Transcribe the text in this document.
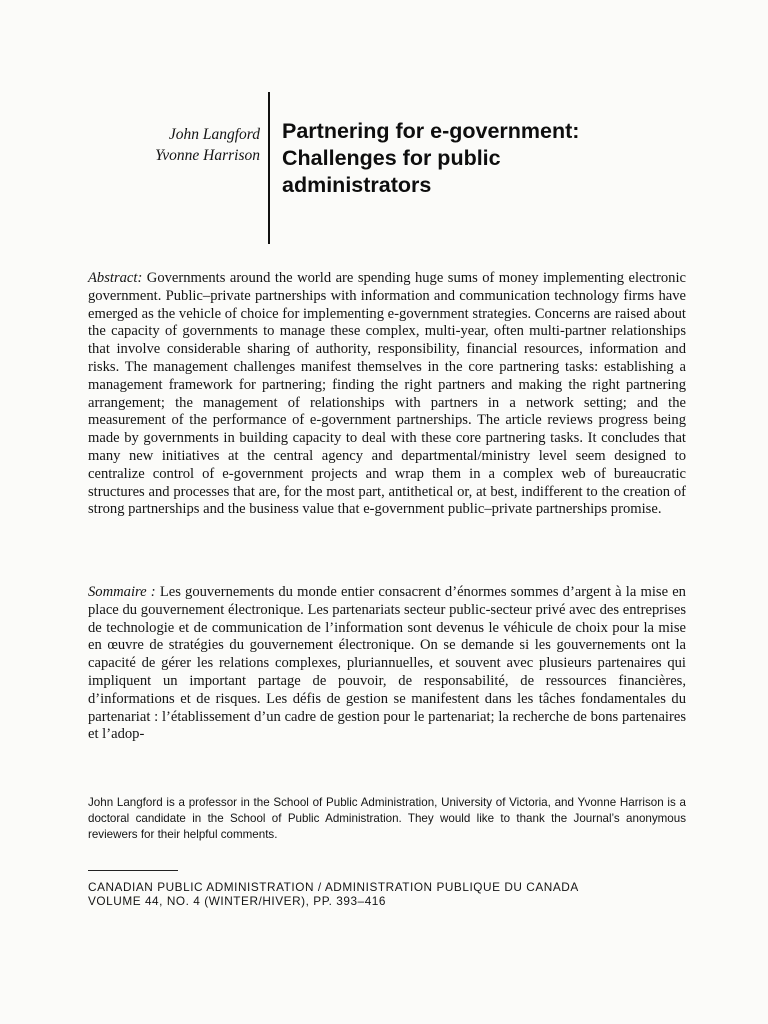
John Langford
Yvonne Harrison
Partnering for e-government:
Challenges for public
administrators

Abstract: Governments around the world are spending huge sums of money implementing electronic government. Public–private partnerships with information and communication technology firms have emerged as the vehicle of choice for implementing e-government strategies. Concerns are raised about the capacity of governments to manage these complex, multi-year, often multi-partner relationships that involve considerable sharing of authority, responsibility, financial resources, information and risks. The management challenges manifest themselves in the core partnering tasks: establishing a management framework for partnering; finding the right partners and making the right partnering arrangement; the management of relationships with partners in a network setting; and the measurement of the performance of e-government partnerships. The article reviews progress being made by governments in building capacity to deal with these core partnering tasks. It concludes that many new initiatives at the central agency and departmental/ministry level seem designed to centralize control of e-government projects and wrap them in a complex web of bureaucratic structures and processes that are, for the most part, antithetical or, at best, indifferent to the creation of strong partnerships and the business value that e-government public–private partnerships promise.

Sommaire : Les gouvernements du monde entier consacrent d’énormes sommes d’argent à la mise en place du gouvernement électronique. Les partenariats secteur public-secteur privé avec des entreprises de technologie et de communication de l’information sont devenus le véhicule de choix pour la mise en œuvre de stratégies du gouvernement électronique. On se demande si les gouvernements ont la capacité de gérer les relations complexes, pluriannuelles, et souvent avec plusieurs partenaires qui impliquent un important partage de pouvoir, de responsabilité, de ressources financières, d’informations et de risques. Les défis de gestion se manifestent dans les tâches fondamentales du partenariat : l’établissement d’un cadre de gestion pour le partenariat; la recherche de bons partenaires et l’adop-

John Langford is a professor in the School of Public Administration, University of Victoria, and Yvonne Harrison is a doctoral candidate in the School of Public Administration. They would like to thank the Journal’s anonymous reviewers for their helpful comments.

CANADIAN PUBLIC ADMINISTRATION / ADMINISTRATION PUBLIQUE DU CANADA
VOLUME 44, NO. 4 (WINTER/HIVER), PP. 393–416
